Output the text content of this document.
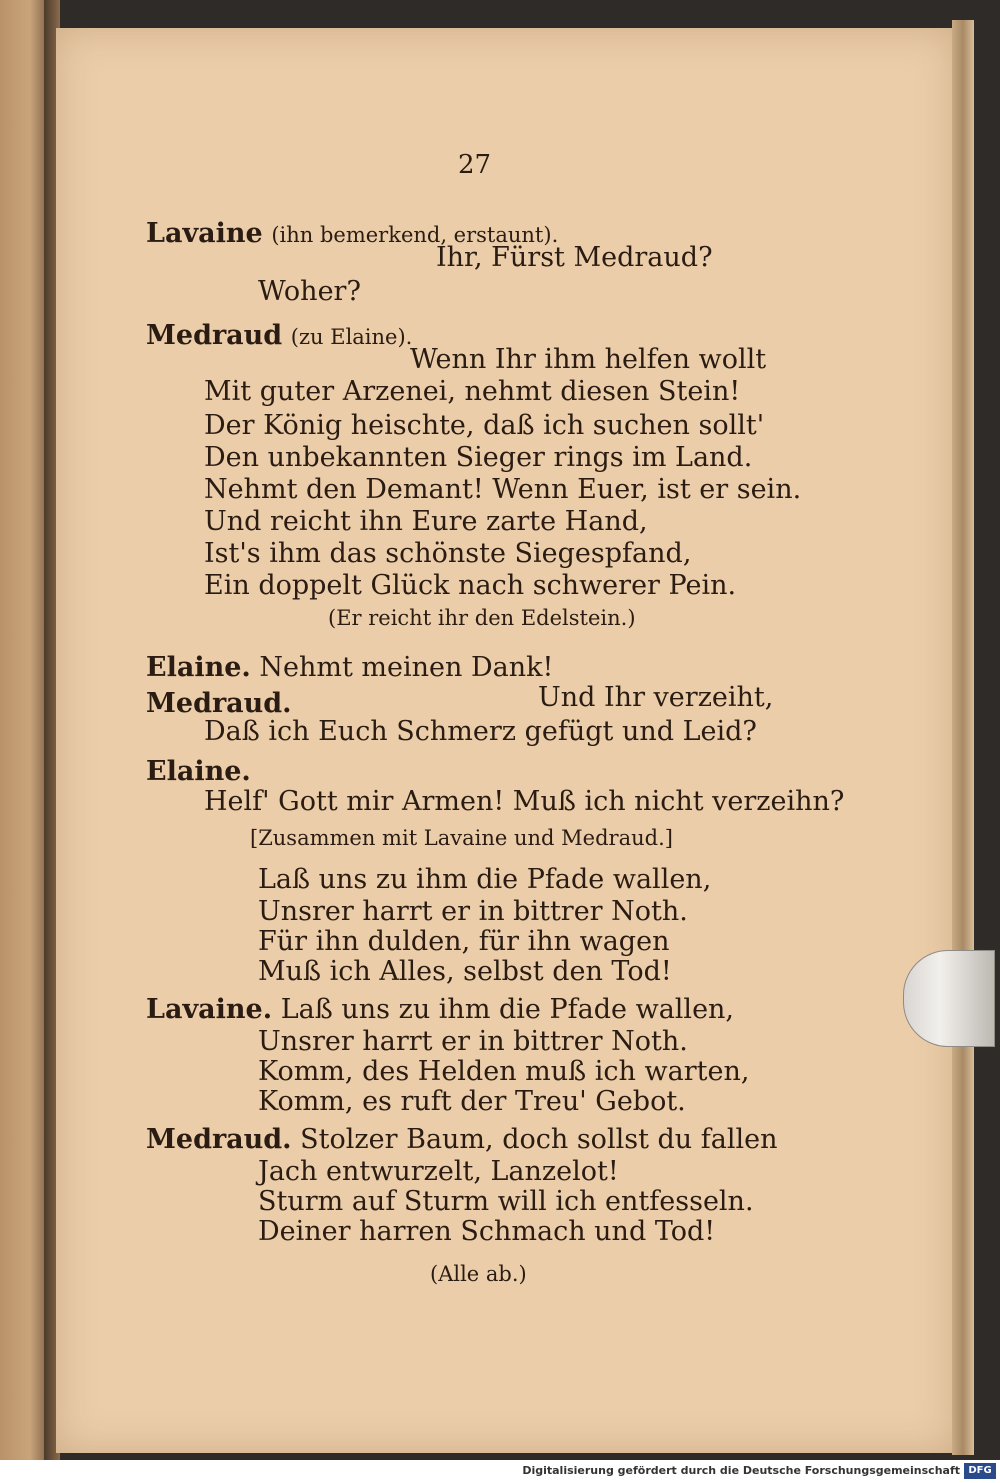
27
Lavaine (ihn bemerkend, erstaunt).
Ihr, Fürst Medraud?
Woher?
Medraud (zu Elaine).
Wenn Ihr ihm helfen wollt
Mit guter Arzenei, nehmt diesen Stein!
Der König heischte, daß ich suchen sollt'
Den unbekannten Sieger rings im Land.
Nehmt den Demant! Wenn Euer, ist er sein.
Und reicht ihn Eure zarte Hand,
Ist's ihm das schönste Siegespfand,
Ein doppelt Glück nach schwerer Pein.
(Er reicht ihr den Edelstein.)
Elaine. Nehmt meinen Dank!
Medraud.	Und Ihr verzeiht,
Daß ich Euch Schmerz gefügt und Leid?
Elaine.
Helf' Gott mir Armen! Muß ich nicht verzeihn?
[Zusammen mit Lavaine und Medraud.]
Laß uns zu ihm die Pfade wallen,
Unsrer harrt er in bittrer Noth.
Für ihn dulden, für ihn wagen
Muß ich Alles, selbst den Tod!
Lavaine. Laß uns zu ihm die Pfade wallen,
Unsrer harrt er in bittrer Noth.
Komm, des Helden muß ich warten,
Komm, es ruft der Treu' Gebot.
Medraud. Stolzer Baum, doch sollst du fallen
Jach entwurzelt, Lanzelot!
Sturm auf Sturm will ich entfesseln.
Deiner harren Schmach und Tod!
(Alle ab.)
Digitalisierung gefördert durch die Deutsche Forschungsgemeinschaft DFG
